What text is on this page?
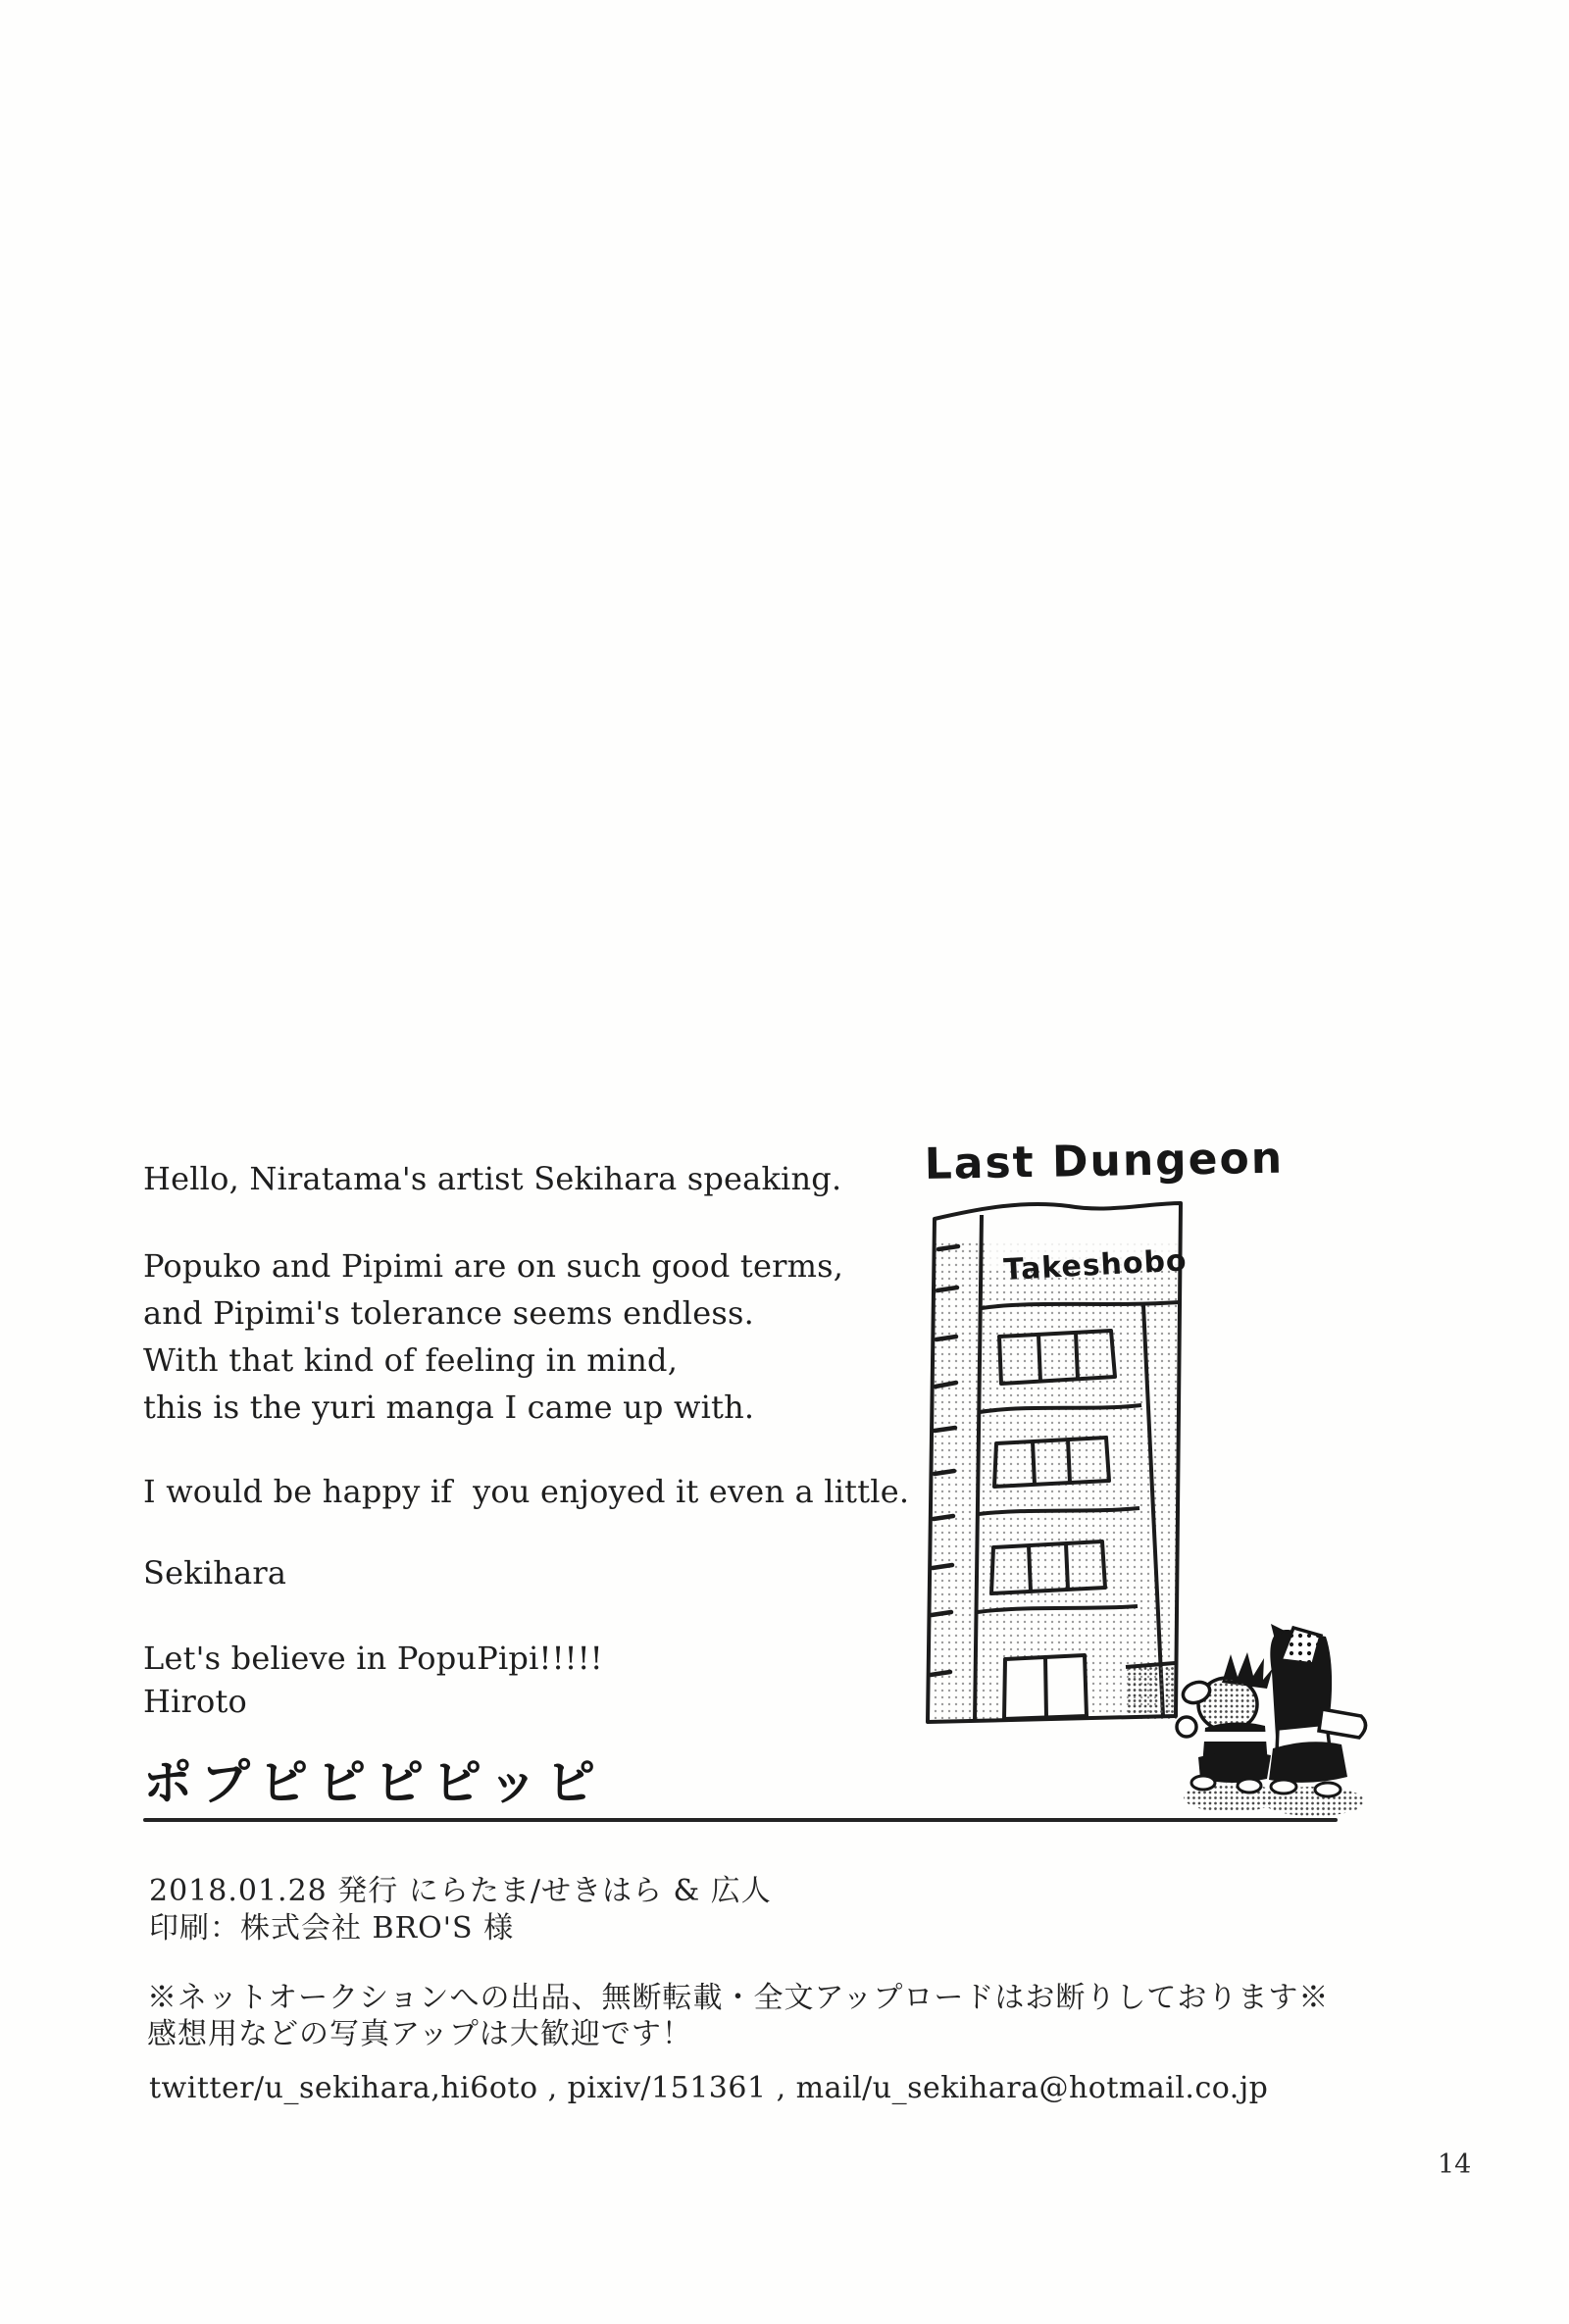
Hello, Niratama's artist Sekihara speaking.
Popuko and Pipimi are on such good terms,
and Pipimi's tolerance seems endless.
With that kind of feeling in mind,
this is the yuri manga I came up with.
I would be happy if  you enjoyed it even a little.
Sekihara
Let's believe in PopuPipi!!!!!
Hiroto
ポプピピピピッピ
2018.01.28 発行 にらたま/せきはら & 広人
印刷：株式会社 BRO'S 様
※ネットオークションへの出品、無断転載・全文アップロードはお断りしております※
感想用などの写真アップは大歓迎です！
twitter/u_sekihara,hi6oto , pixiv/151361 , mail/u_sekihara@hotmail.co.jp
14
Last Dungeon
Takeshobo
